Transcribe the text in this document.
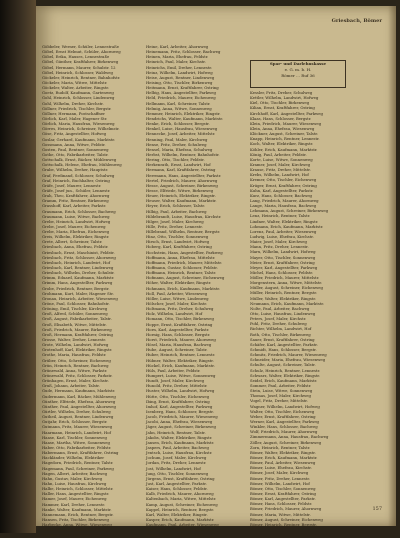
Griesbach, Bömer

Göbbeler, Werner, Schüler, Lennestraße

Göbel, Ernst Helmut, Schüler, Ahornweg

Göbel, Erika, Hauses, Lennestraße

Göbel, Günther, Kraftfahrer, Birkenweg

Göbel, Hermann, Maurer, Schulstr. 12

Göbel, Heinrich, Schlosser, Waldweg

Göckeler, Heinrich, Rentner, Bahnhofstr.

Göckeler, Maria, Witwe, Mittelstr.

Göckeler, Walter, Arbeiter, Ringstr.

Goetz, Rudolf, Kaufmann, Gartenweg

Gohl, Heinrich, Schlosser, Lindenweg

Gohl, Wilhelm, Dreher, Kirchstr.

Göllner, Friedrich, Tischler, Bergstr.

Göllner, Hermann, Postschaffner

Görlich, Karl, Maler, Hagener Str.

Görlich, Maria, Hausfrau, Wiesenweg

Görres, Heinrich, Schreiner, Wilhelmstr.

Göse, Fritz, Angestellter, Hofweg

Goslar, Gerhard, Kaufmann, Marktstr.

Gossmann, Anna, Witwe, Feldstr.

Gosten, Paul, Rentner, Sonnenweg

Gothe, Otto, Fabrikarbeiter, Talstr.

Gottschalk, Ernst, Bäcker, Mühlenweg

Gottschalk, Helene, Ehefrau, Mühlenweg

Grabe, Wilhelm, Dreher, Hauptstr.

Graf, Ferdinand, Schlosser, Schulweg

Graf, Heinrich, Buchhalter, Ostring

Gräfe, Josef, Maurer, Lennestr.

Gräfe, Josef jun., Schüler, Lennestr.

Grah, Theo, Kraftfahrer, Ahornweg

Gramm, Fritz, Rentner, Birkenweg

Grasshoff, Karl, Arbeiter, Parkstr.

Graumann, Erich, Schlosser, Bachweg

Graumann, Luise, Witwe, Bachweg

Grebe, Heinrich, Landwirt, Hofweg

Grebe, Josef, Maurer, Eichenweg

Grebe, Maria, Ehefrau, Eichenweg

Greis, Wilhelm, Elektriker, Ringstr.

Grete, Albert, Schreiner, Talstr.

Griesbach, Anna, Ehefrau, Feldstr.

Griesbach, Ernst, Maschinist, Feldstr.

Griesbach, Fritz, Schlosser, Ahornweg

Griesbach, Heinrich, Landwirt, Hof

Griesbach, Karl, Rentner, Lindenweg

Griesbach, Wilhelm, Dreher, Schulstr.

Grimm, Eduard, Kaufmann, Marktstr.

Grimm, Hans, Angestellter, Parkweg

Grobe, Friedrich, Rentner, Bergstr.

Grohmann, Kurt, Maler, Hagener Str.

Gronau, Heinrich, Arbeiter, Wiesenweg

Gröne, Paul, Schlosser, Bahnhofstr.

Gröning, Emil, Tischler, Kirchweg

Groß, Alfred, Schüler, Sonnenweg

Groß, August, Fabrikarbeiter, Talstr.

Groß, Elisabeth, Witwe, Mittelstr.

Groß, Friedrich, Maurer, Birkenweg

Groß, Hermann, Kraftfahrer, Ostring

Grosse, Walter, Dreher, Lennestr.

Grote, Wilhelm, Landwirt, Hofweg

Grotenhoff, Karl, Elektriker, Ringstr.

Grothe, Maria, Hausfrau, Feldstr.

Grüber, Otto, Schreiner, Eichenweg

Grün, Heinrich, Rentner, Bachweg

Grünewald, Anna, Witwe, Parkstr.

Grünewald, Fritz, Schlosser, Parkstr.

Grünhagen, Ernst, Maler, Kirchstr.

Gruß, Johann, Arbeiter, Talstr.

Gude, Hermann, Kaufmann, Marktstr.

Gudermann, Karl, Bäcker, Mühlenweg

Günther, Elfriede, Ehefrau, Ahornweg

Günther, Paul, Angestellter, Ahornweg

Gürtler, Wilhelm, Dreher, Schulweg

Gutheil, August, Rentner, Lindenweg

Gutjahr, Erich, Schlosser, Bergstr.

Gutmann, Fritz, Maurer, Wiesenweg

Haarmann, Heinrich, Landwirt, Hof

Haase, Karl, Tischler, Sonnenweg

Haase, Martha, Witwe, Sonnenweg

Haber, Otto, Fabrikarbeiter, Feldstr.

Habermann, Ernst, Kraftfahrer, Ostring

Hackländer, Wilhelm, Elektriker

Hagedorn, Friedrich, Rentner, Talstr.

Hagemann, Paul, Schreiner, Parkweg

Hagen, Albert, Arbeiter, Bachweg

Hahn, Gustav, Maler, Kirchweg

Hahn, Luise, Hausfrau, Kirchweg

Halbe, Heinrich, Schlosser, Mittelstr.

Haller, Hans, Angestellter, Ringstr.

Hamer, Josef, Maurer, Eichenweg

Hammer, Karl, Dreher, Lennestr.

Hanke, Walter, Kaufmann, Marktstr.

Hannemann, Erich, Rentner, Bergstr.

Hansen, Fritz, Tischler, Birkenweg

Harbecke, Anna, Witwe, Wiesenweg

Hardt, Wilhelm, Landwirt, Hofweg

Harnisch, Otto, Schlosser, Talstr.

Heine, Karl, Arbeiter, Ahornweg

Heinemann, Fritz, Schlosser, Bachweg

Heinen, Maria, Ehefrau, Feldstr.

Heinrich, Paul, Maler, Kirchstr.

Heinrichs, Emil, Dreher, Lennestr.

Heinz, Wilhelm, Landwirt, Hofweg

Heise, August, Rentner, Lindenweg

Heising, Otto, Tischler, Birkenweg

Heitmann, Ernst, Kraftfahrer, Ostring

Helbig, Hans, Angestellter, Parkweg

Held, Friedrich, Maurer, Eichenweg

Hellmann, Karl, Schreiner, Talstr.

Helmig, Anna, Witwe, Sonnenweg

Hemmer, Heinrich, Elektriker, Ringstr.

Hendrichs, Walter, Kaufmann, Marktstr.

Henke, Erich, Schlosser, Bergstr.

Henkel, Luise, Hausfrau, Wiesenweg

Hennecke, Josef, Arbeiter, Mittelstr.

Henning, Paul, Maler, Kirchweg

Hense, Fritz, Dreher, Schulweg

Hensel, Maria, Ehefrau, Schulweg

Herbst, Wilhelm, Rentner, Bahnhofstr.

Hering, Otto, Tischler, Feldstr.

Herkenrath, Ernst, Landwirt, Hof

Hermann, Karl, Kraftfahrer, Ostring

Herrmann, Hans, Angestellter, Parkstr.

Hertel, Friedrich, Maurer, Ahornweg

Hesse, August, Schreiner, Birkenweg

Hesse, Elfriede, Witwe, Birkenweg

Heuer, Heinrich, Elektriker, Ringstr.

Heuser, Walter, Kaufmann, Marktstr.

Heyer, Erich, Schlosser, Talstr.

Hilbig, Paul, Arbeiter, Bachweg

Hildebrandt, Luise, Hausfrau, Kirchstr.

Hilger, Josef, Maler, Kirchweg

Hille, Fritz, Dreher, Lennestr.

Hillebrand, Wilhelm, Rentner, Bergstr.

Hinz, Otto, Tischler, Sonnenweg

Hirsch, Ernst, Landwirt, Hofweg

Hoberg, Karl, Kraftfahrer, Ostring

Hochstein, Hans, Angestellter, Parkweg

Hoffmann, Anna, Ehefrau, Mittelstr.

Hoffmann, Friedrich, Maurer, Mittelstr.

Hoffmann, Gustav, Schlosser, Feldstr.

Hoffmann, Heinrich, Rentner, Talstr.

Hofmann, August, Schreiner, Eichenweg

Höher, Walter, Elektriker, Ringstr.

Hohmann, Erich, Kaufmann, Marktstr.

Holl, Paul, Arbeiter, Wiesenweg

Höller, Luise, Witwe, Lindenweg

Hölscher, Josef, Maler, Kirchstr.

Holtmann, Fritz, Dreher, Schulweg

Holz, Wilhelm, Landwirt, Hof

Homann, Otto, Tischler, Birkenweg

Hoppe, Ernst, Kraftfahrer, Ostring

Horn, Karl, Angestellter, Parkstr.

Hornig, Hans, Schlosser, Bergstr.

Horst, Friedrich, Maurer, Ahornweg

Hösel, Maria, Hausfrau, Bachweg

Hube, August, Schreiner, Talstr.

Huber, Heinrich, Rentner, Lennestr.

Hübner, Walter, Elektriker, Ringstr.

Hückel, Erich, Kaufmann, Marktstr.

Hüls, Paul, Arbeiter, Feldstr.

Humpert, Luise, Witwe, Sonnenweg

Hundt, Josef, Maler, Kirchweg

Hunold, Fritz, Dreher, Mittelstr.

Huster, Wilhelm, Landwirt, Hofweg

Hütte, Otto, Tischler, Eichenweg

Ibing, Ernst, Kraftfahrer, Ostring

Imhof, Karl, Angestellter, Parkweg

Isenberg, Hans, Schlosser, Bergstr.

Jacob, Friedrich, Maurer, Wiesenweg

Jacobi, Anna, Ehefrau, Wiesenweg

Jäger, August, Schreiner, Birkenweg

Jahn, Heinrich, Rentner, Talstr.

Jakobs, Walter, Elektriker, Ringstr.

Jansen, Erich, Kaufmann, Marktstr.

Jaspers, Paul, Arbeiter, Bachweg

Jentsch, Luise, Hausfrau, Kirchstr.

Jochum, Josef, Maler, Kirchweg

Jordan, Fritz, Dreher, Lennestr.

Jost, Wilhelm, Landwirt, Hof

Jung, Otto, Tischler, Sonnenweg

Jürgens, Ernst, Kraftfahrer, Ostring

Just, Karl, Angestellter, Parkstr.

Kaiser, Hans, Schlosser, Feldstr.

Kalb, Friedrich, Maurer, Ahornweg

Kaltenbach, Maria, Witwe, Mittelstr.

Kamp, August, Schreiner, Eichenweg

Kappel, Heinrich, Rentner, Bergstr.

Karl, Walter, Elektriker, Ringstr.

Kasper, Erich, Kaufmann, Marktstr.

Kaufmann, Paul, Arbeiter, Wiesenweg

Keller, Luise, Hausfrau, Lindenweg

Kemper, Josef, Maler, Kirchstr.

Kessler, Fritz, Dreher, Schulweg

Kettler, Wilhelm, Landwirt, Hofweg

Kiel, Otto, Tischler, Birkenweg

Kilian, Ernst, Kraftfahrer, Ostring

Kirchhoff, Karl, Angestellter, Parkweg

Klaas, Hans, Schlosser, Bergstr.

Klein, Friedrich, Maurer, Wiesenweg

Klein, Anna, Ehefrau, Wiesenweg

Klöckner, August, Schreiner, Talstr.

Knapp, Heinrich, Rentner, Lennestr.

Koch, Walter, Elektriker, Ringstr.

Köhler, Erich, Kaufmann, Marktstr.

König, Paul, Arbeiter, Feldstr.

Korte, Luise, Witwe, Sonnenweg

Kramer, Josef, Maler, Kirchweg

Krause, Fritz, Dreher, Mittelstr.

Krebs, Wilhelm, Landwirt, Hof

Kremer, Otto, Tischler, Eichenweg

Krüger, Ernst, Kraftfahrer, Ostring

Kuhn, Karl, Angestellter, Parkstr.

Kurz, Hans, Schlosser, Bachweg

Lang, Friedrich, Maurer, Ahornweg

Lange, Maria, Hausfrau, Bachweg

Lehmann, August, Schreiner, Birkenweg

Lenz, Heinrich, Rentner, Talstr.

Lindner, Walter, Elektriker, Ringstr.

Lohmann, Erich, Kaufmann, Marktstr.

Lorenz, Paul, Arbeiter, Wiesenweg

Ludwig, Luise, Ehefrau, Kirchstr.

Maier, Josef, Maler, Kirchweg

Mann, Fritz, Dreher, Lennestr.

Marx, Wilhelm, Landwirt, Hofweg

Mayer, Otto, Tischler, Sonnenweg

Meier, Ernst, Kraftfahrer, Ostring

Meyer, Karl, Angestellter, Parkweg

Michel, Hans, Schlosser, Feldstr.

Möller, Friedrich, Maurer, Mittelstr.

Morgenstern, Anna, Witwe, Mittelstr.

Müller, August, Schreiner, Eichenweg

Müller, Heinrich, Rentner, Bergstr.

Müller, Walter, Elektriker, Ringstr.

Neumann, Erich, Kaufmann, Marktstr.

Nolte, Paul, Arbeiter, Bachweg

Otto, Luise, Hausfrau, Lindenweg

Peters, Josef, Maler, Kirchstr.

Pohl, Fritz, Dreher, Schulweg

Richter, Wilhelm, Landwirt, Hof

Roth, Otto, Tischler, Birkenweg

Sauer, Ernst, Kraftfahrer, Ostring

Schäfer, Karl, Angestellter, Parkstr.

Schmidt, Hans, Schlosser, Bergstr.

Schmitz, Friedrich, Maurer, Wiesenweg

Schneider, Maria, Ehefrau, Wiesenweg

Schulte, August, Schreiner, Talstr.

Schulz, Heinrich, Rentner, Lennestr.

Schwarz, Walter, Elektriker, Ringstr.

Seidel, Erich, Kaufmann, Marktstr.

Sommer, Paul, Arbeiter, Feldstr.

Stein, Luise, Witwe, Sonnenweg

Thomas, Josef, Maler, Kirchweg

Vogel, Fritz, Dreher, Mittelstr.

Wagner, Wilhelm, Landwirt, Hofweg

Walter, Otto, Tischler, Eichenweg

Weber, Ernst, Kraftfahrer, Ostring

Werner, Karl, Angestellter, Parkweg

Winkler, Hans, Schlosser, Bachweg

Wolf, Friedrich, Maurer, Ahornweg

Zimmermann, Anna, Hausfrau, Bachweg

Zöller, August, Schreiner, Birkenweg

Zorn, Heinrich, Rentner, Talstr.

Bömer, Walter, Elektriker, Ringstr.

Bömer, Erich, Kaufmann, Marktstr.

Bömer, Paul, Arbeiter, Wiesenweg

Bömer, Luise, Ehefrau, Kirchstr.

Bömer, Josef, Maler, Kirchweg

Bömer, Fritz, Dreher, Lennestr.

Bömer, Wilhelm, Landwirt, Hof

Bömer, Otto, Tischler, Sonnenweg

Bömer, Ernst, Kraftfahrer, Ostring

Bömer, Karl, Angestellter, Parkstr.

Bömer, Hans, Schlosser, Feldstr.

Bömer, Friedrich, Maurer, Ahornweg

Bömer, Maria, Witwe, Mittelstr.

Bömer, August, Schreiner, Eichenweg

Bömer, Heinrich, Rentner, Bergstr.

Spar- und Darlehnskasse
e. G. m. b. H.
Römer … Ruf 36
157
